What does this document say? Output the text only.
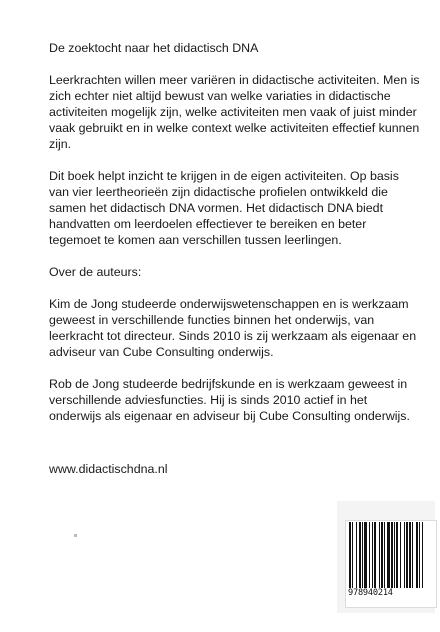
De zoektocht naar het didactisch DNA

Leerkrachten willen meer variëren in didactische activiteiten. Men is zich echter niet altijd bewust van welke variaties in didactische activiteiten mogelijk zijn, welke activiteiten men vaak of juist minder vaak gebruikt en in welke context welke activiteiten effectief kunnen zijn.

Dit boek helpt inzicht te krijgen in de eigen activiteiten. Op basis van vier leertheorieën zijn didactische profielen ontwikkeld die samen het didactisch DNA vormen. Het didactisch DNA biedt handvatten om leerdoelen effectiever te bereiken en beter tegemoet te komen aan verschillen tussen leerlingen.

Over de auteurs:

Kim de Jong studeerde onderwijswetenschappen en is werkzaam geweest in verschillende functies binnen het onderwijs, van leerkracht tot directeur. Sinds 2010 is zij werkzaam als eigenaar en adviseur van Cube Consulting onderwijs.

Rob de Jong studeerde bedrijfskunde en is werkzaam geweest in verschillende adviesfuncties. Hij is sinds 2010 actief in het onderwijs als eigenaar en adviseur bij Cube Consulting onderwijs.

www.didactischdna.nl
978940214
